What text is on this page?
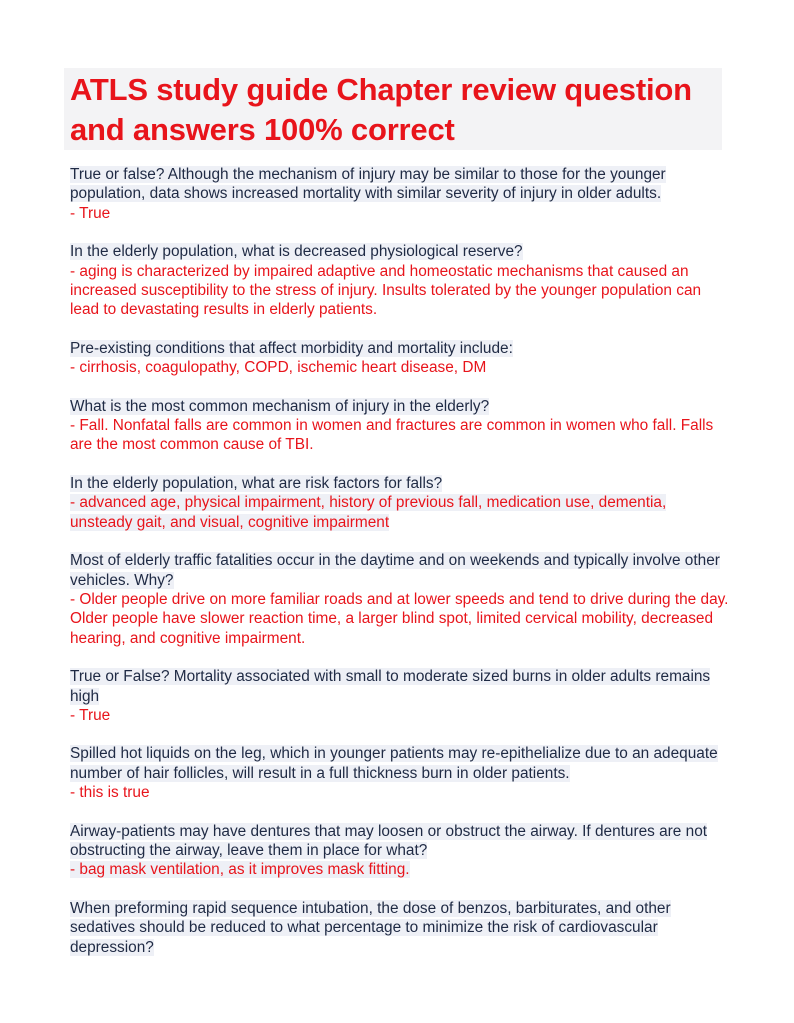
ATLS study guide Chapter review question and answers 100% correct
True or false? Although the mechanism of injury may be similar to those for the younger population, data shows increased mortality with similar severity of injury in older adults.
- True
In the elderly population, what is decreased physiological reserve?
- aging is characterized by impaired adaptive and homeostatic mechanisms that caused an increased susceptibility to the stress of injury. Insults tolerated by the younger population can lead to devastating results in elderly patients.
Pre-existing conditions that affect morbidity and mortality include:
- cirrhosis, coagulopathy, COPD, ischemic heart disease, DM
What is the most common mechanism of injury in the elderly?
- Fall. Nonfatal falls are common in women and fractures are common in women who fall. Falls are the most common cause of TBI.
In the elderly population, what are risk factors for falls?
- advanced age, physical impairment, history of previous fall, medication use, dementia, unsteady gait, and visual, cognitive impairment
Most of elderly traffic fatalities occur in the daytime and on weekends and typically involve other vehicles. Why?
- Older people drive on more familiar roads and at lower speeds and tend to drive during the day. Older people have slower reaction time, a larger blind spot, limited cervical mobility, decreased hearing, and cognitive impairment.
True or False? Mortality associated with small to moderate sized burns in older adults remains high
- True
Spilled hot liquids on the leg, which in younger patients may re-epithelialize due to an adequate number of hair follicles, will result in a full thickness burn in older patients.
- this is true
Airway-patients may have dentures that may loosen or obstruct the airway. If dentures are not obstructing the airway, leave them in place for what?
- bag mask ventilation, as it improves mask fitting.
When preforming rapid sequence intubation, the dose of benzos, barbiturates, and other sedatives should be reduced to what percentage to minimize the risk of cardiovascular depression?
